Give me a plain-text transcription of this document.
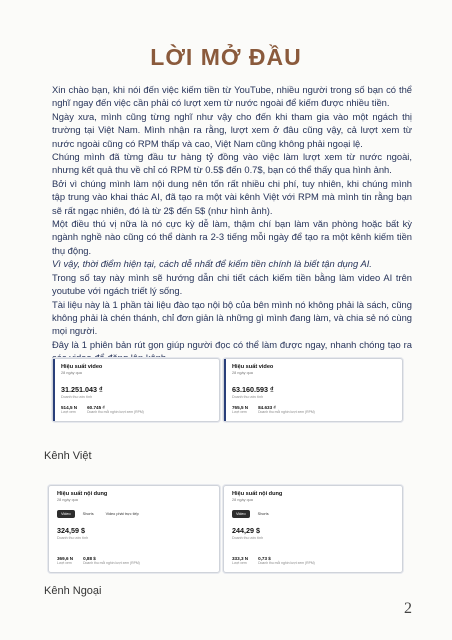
LỜI MỞ ĐẦU

Xin chào bạn, khi nói đến việc kiếm tiền từ YouTube, nhiều người trong số bạn có thể nghĩ ngay đến việc cần phải có lượt xem từ nước ngoài để kiếm được nhiều tiền.

Ngày xưa, mình cũng từng nghĩ như vậy cho đến khi tham gia vào một ngách thị trường tại Việt Nam. Mình nhận ra rằng, lượt xem ở đâu cũng vậy, cả lượt xem từ nước ngoài cũng có RPM thấp và cao, Việt Nam cũng không phải ngoại lệ.

Chúng mình đã từng đầu tư hàng tỷ đồng vào việc làm lượt xem từ nước ngoài, nhưng kết quả thu về chỉ có RPM từ 0.5$ đến 0.7$, bạn có thể thấy qua hình ảnh.

Bởi vì chúng mình làm nội dung nên tốn rất nhiều chi phí, tuy nhiên, khi chúng mình tập trung vào khai thác AI, đã tạo ra một vài kênh Việt với RPM mà mình tin rằng bạn sẽ rất ngạc nhiên, đó là từ 2$ đến 5$ (như hình ảnh).

Một điều thú vị nữa là nó cực kỳ dễ làm, thậm chí bạn làm văn phòng hoặc bất kỳ ngành nghề nào cũng có thể dành ra 2-3 tiếng mỗi ngày để tạo ra một kênh kiếm tiền thụ động.

Vì vậy, thời điểm hiện tại, cách dễ nhất để kiếm tiền chính là biết tận dụng AI.

Trong số tay này mình sẽ hướng dẫn chi tiết cách kiếm tiền bằng làm video AI trên youtube với ngách triết lý sống.

Tài liệu này là 1 phần tài liệu đào tạo nội bộ của bên mình nó không phải là sách, cũng không phải là chén thánh, chỉ đơn giản là những gì mình đang làm, và chia sẻ nó cùng mọi người.

Đây là 1 phiên bản rút gọn giúp người đọc có thể làm được ngay, nhanh chóng tạo ra

Hiệu suất video
28 ngày qua
31.251.043 ₫
Doanh thu ước tính
514,5 N
Lượt xem
60.745 ₫
Doanh thu mỗi nghìn lượt xem (RPM)
Hiệu suất video
28 ngày qua
63.160.593 ₫
Doanh thu ước tính
765,5 N
Lượt xem
84.633 ₫
Doanh thu mỗi nghìn lượt xem (RPM)
Kênh Việt
Hiệu suất nội dung
28 ngày qua
Video	Shorts	Video phát trực tiếp
324,59 $
Doanh thu ước tính
369,6 N
Lượt xem
0,88 $
Doanh thu mỗi nghìn lượt xem (RPM)
Hiệu suất nội dung
28 ngày qua
Video	Shorts
244,29 $
Doanh thu ước tính
333,3 N
Lượt xem
0,73 $
Doanh thu mỗi nghìn lượt xem (RPM)
Kênh Ngoại
2
